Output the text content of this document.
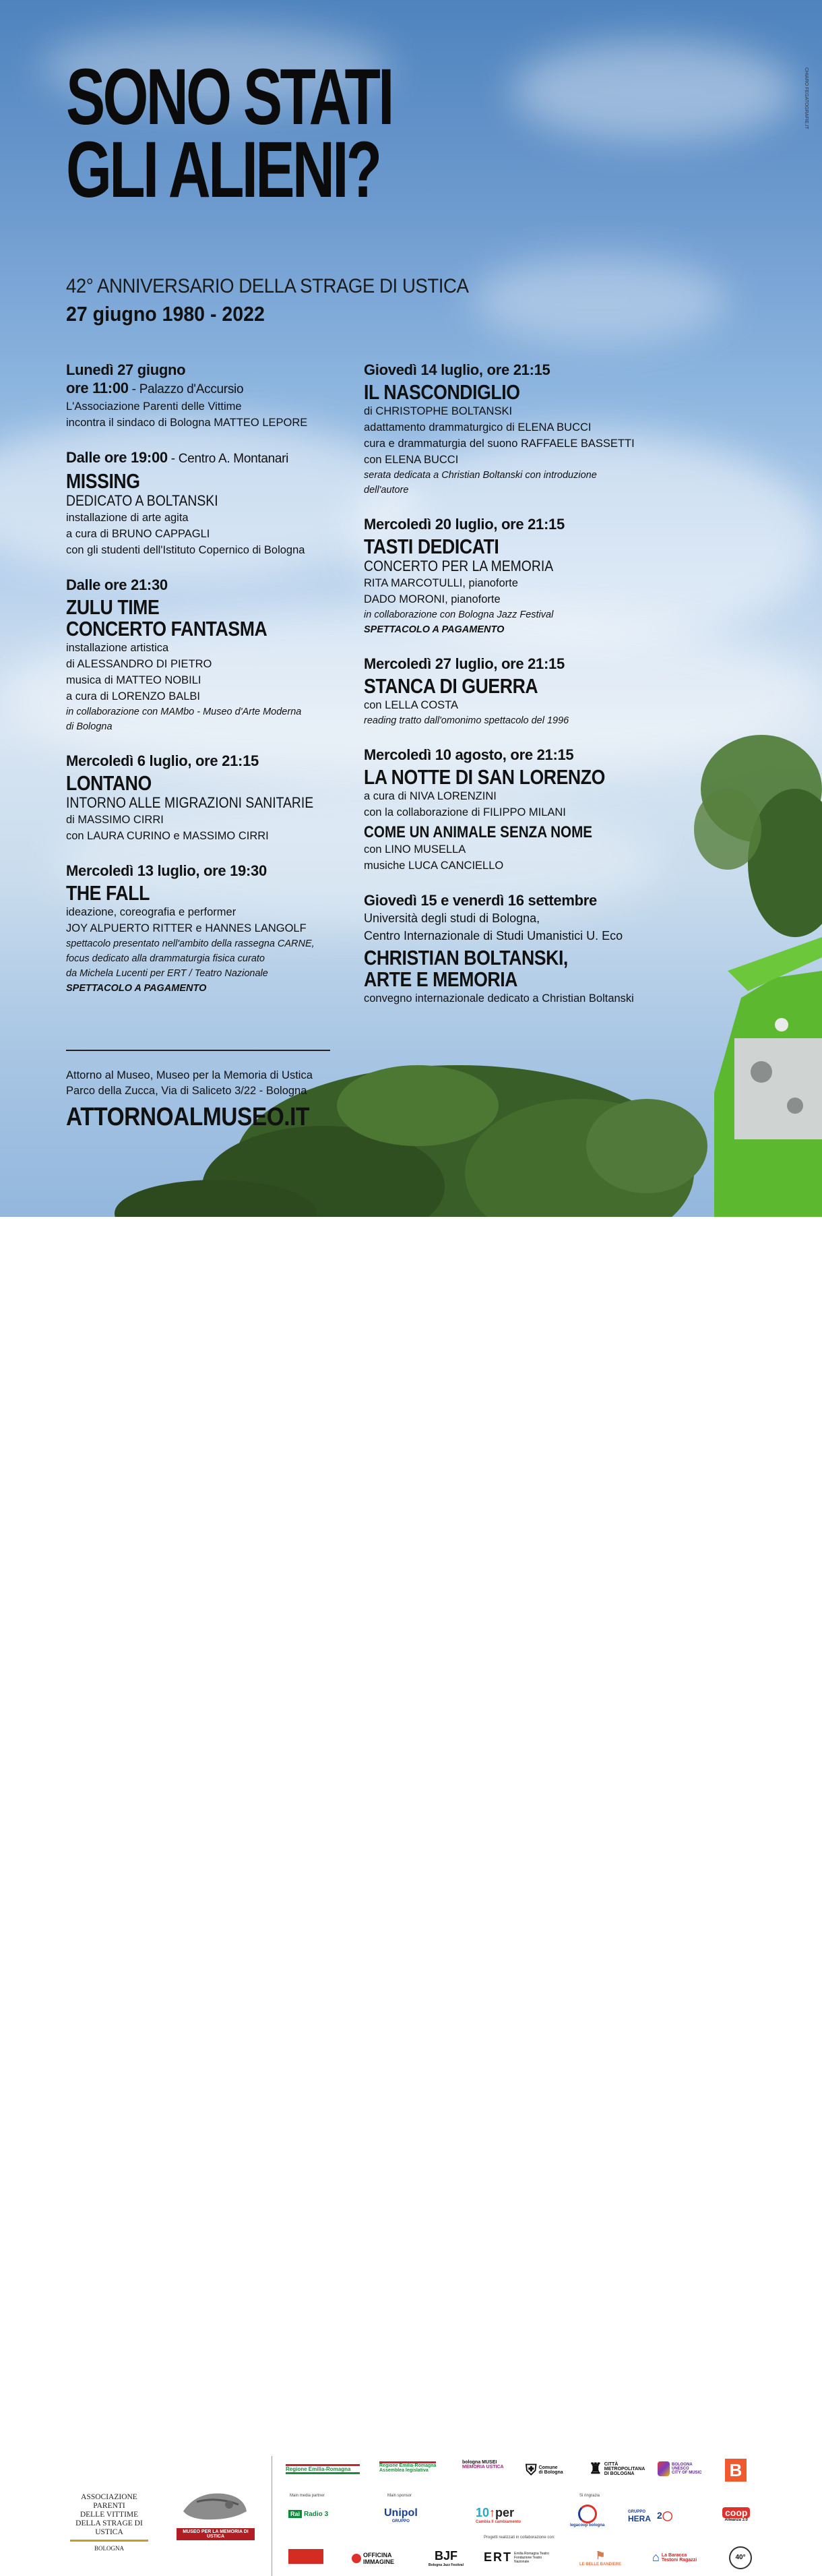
CHIARO FEGATOGRAFIE.IT
SONO STATI
GLI ALIENI?
42° ANNIVERSARIO DELLA STRAGE DI USTICA
27 giugno 1980 - 2022
Lunedì 27 giugno
ore 11:00 - Palazzo d'Accursio
L'Associazione Parenti delle Vittime
incontra il sindaco di Bologna MATTEO LEPORE
Dalle ore 19:00 - Centro A. Montanari
MISSING
DEDICATO A BOLTANSKI
installazione di arte agita
a cura di BRUNO CAPPAGLI
con gli studenti dell'Istituto Copernico di Bologna
Dalle ore 21:30
ZULU TIME
CONCERTO FANTASMA
installazione artistica
di ALESSANDRO DI PIETRO
musica di MATTEO NOBILI
a cura di LORENZO BALBI
in collaborazione con MAMbo - Museo d'Arte Moderna
di Bologna
Mercoledì 6 luglio, ore 21:15
LONTANO
INTORNO ALLE MIGRAZIONI SANITARIE
di MASSIMO CIRRI
con LAURA CURINO e MASSIMO CIRRI
Mercoledì 13 luglio, ore 19:30
THE FALL
ideazione, coreografia e performer
JOY ALPUERTO RITTER e HANNES LANGOLF
spettacolo presentato nell'ambito della rassegna CARNE,
focus dedicato alla drammaturgia fisica curato
da Michela Lucenti per ERT / Teatro Nazionale
SPETTACOLO A PAGAMENTO
Giovedì 14 luglio, ore 21:15
IL NASCONDIGLIO
di CHRISTOPHE BOLTANSKI
adattamento drammaturgico di ELENA BUCCI
cura e drammaturgia del suono RAFFAELE BASSETTI
con ELENA BUCCI
serata dedicata a Christian Boltanski con introduzione
dell'autore
Mercoledì 20 luglio, ore 21:15
TASTI DEDICATI
CONCERTO PER LA MEMORIA
RITA MARCOTULLI, pianoforte
DADO MORONI, pianoforte
in collaborazione con Bologna Jazz Festival
SPETTACOLO A PAGAMENTO
Mercoledì 27 luglio, ore 21:15
STANCA DI GUERRA
con LELLA COSTA
reading tratto dall'omonimo spettacolo del 1996
Mercoledì 10 agosto, ore 21:15
LA NOTTE DI SAN LORENZO
a cura di NIVA LORENZINI
con la collaborazione di FILIPPO MILANI
COME UN ANIMALE SENZA NOME
con LINO MUSELLA
musiche LUCA CANCIELLO
Giovedì 15 e venerdì 16 settembre
Università degli studi di Bologna,
Centro Internazionale di Studi Umanistici U. Eco
CHRISTIAN BOLTANSKI,
ARTE E MEMORIA
convegno internazionale dedicato a Christian Boltanski
Attorno al Museo, Museo per la Memoria di Ustica
Parco della Zucca, Via di Saliceto 3/22 - Bologna
ATTORNOALMUSEO.IT
ASSOCIAZIONE PARENTI
DELLE VITTIME
DELLA STRAGE DI USTICA
BOLOGNA
MUSEO PER LA MEMORIA DI USTICA
Regione Emilia-Romagna
Regione Emilia-Romagna
Assemblea legislativa
bologna MUSEI
MEMORIA USTICA ⛨ Comune
di Bologna ♜ CITTÀ
METROPOLITANA
DI BOLOGNA
BOLOGNA
UNESCO
CITY OF MUSIC B
Main media partner	Main sponsor	Si ringrazia
Rai Radio 3	Unipol
GRUPPO
10↑per
Cambia Il cambiamento
legacoop bologna
GRUPPO
HERA 2◯	coop
Alleanza 3.0
Progetti realizzati in collaborazione con:
OFFICINA
IMMAGINE	BJF
Bologna Jazz Festival
ERT Emilia Romagna Teatro Fondazione Teatro Nazionale	⚑
LE BELLE BANDIERE
⌂ La Baracca
Testoni Ragazzi	40°
